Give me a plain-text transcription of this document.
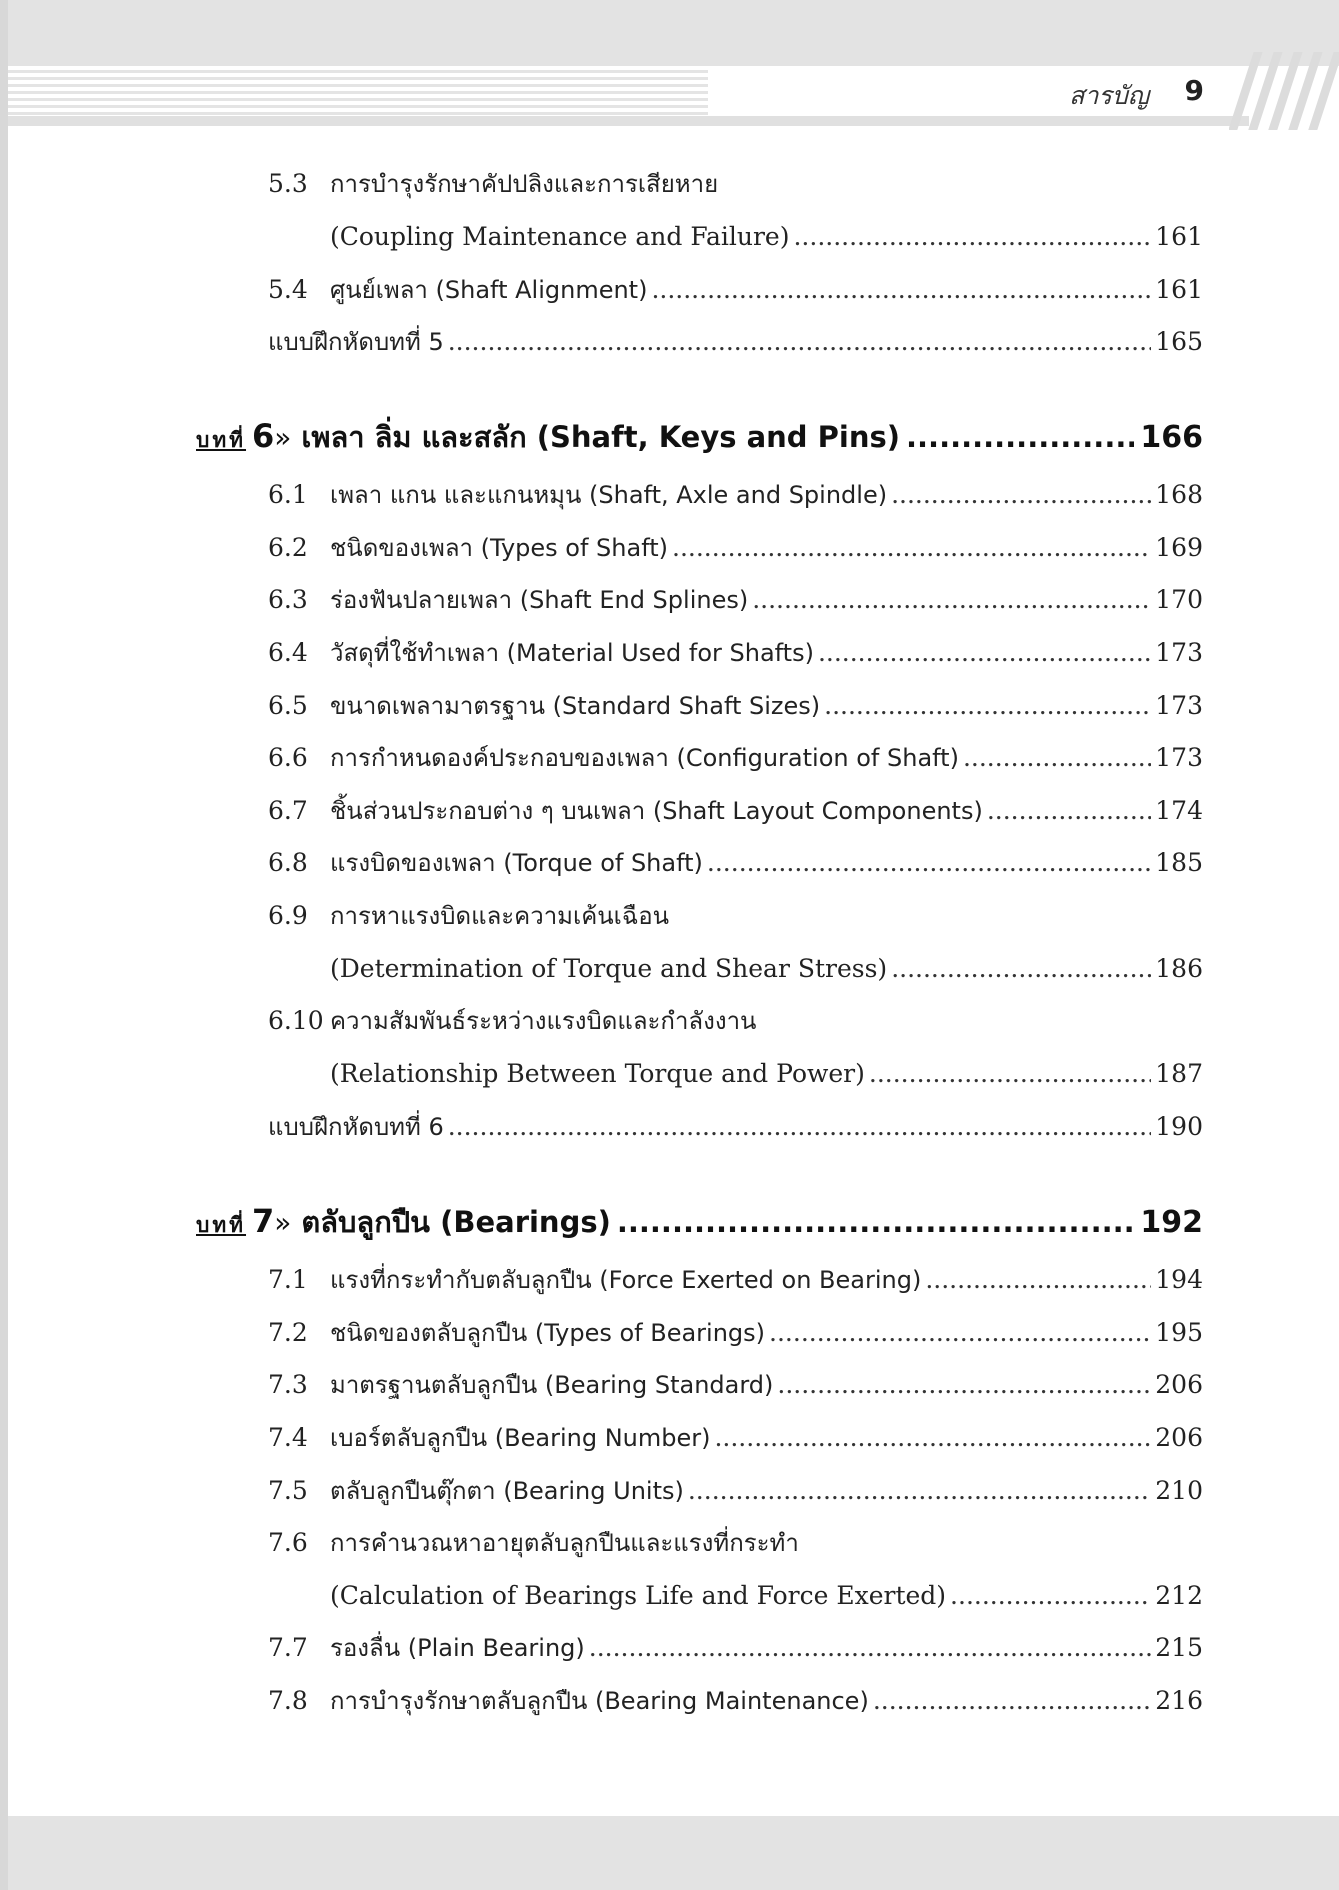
สารบัญ 9
5.3 การบำรุงรักษาคัปปลิงและการเสียหาย
(Coupling Maintenance and Failure) .....	161
5.4 ศูนย์เพลา (Shaft Alignment) .....	161
แบบฝึกหัดบทที่ 5 .....	165
บทที่ 6 » เพลา ลิ่ม และสลัก (Shaft, Keys and Pins) .....	166
6.1 เพลา แกน และแกนหมุน (Shaft, Axle and Spindle) .....	168
6.2 ชนิดของเพลา (Types of Shaft) .....	169
6.3 ร่องฟันปลายเพลา (Shaft End Splines) .....	170
6.4 วัสดุที่ใช้ทำเพลา (Material Used for Shafts) .....	173
6.5 ขนาดเพลามาตรฐาน (Standard Shaft Sizes) .....	173
6.6 การกำหนดองค์ประกอบของเพลา (Configuration of Shaft) .....	173
6.7 ชิ้นส่วนประกอบต่าง ๆ บนเพลา (Shaft Layout Components) .....	174
6.8 แรงบิดของเพลา (Torque of Shaft) .....	185
6.9 การหาแรงบิดและความเค้นเฉือน
(Determination of Torque and Shear Stress) .....	186
6.10 ความสัมพันธ์ระหว่างแรงบิดและกำลังงาน
(Relationship Between Torque and Power) .....	187
แบบฝึกหัดบทที่ 6 .....	190
บทที่ 7 » ตลับลูกปืน (Bearings) .....	192
7.1 แรงที่กระทำกับตลับลูกปืน (Force Exerted on Bearing) .....	194
7.2 ชนิดของตลับลูกปืน (Types of Bearings) .....	195
7.3 มาตรฐานตลับลูกปืน (Bearing Standard) .....	206
7.4 เบอร์ตลับลูกปืน (Bearing Number) .....	206
7.5 ตลับลูกปืนตุ๊กตา (Bearing Units) .....	210
7.6 การคำนวณหาอายุตลับลูกปืนและแรงที่กระทำ
(Calculation of Bearings Life and Force Exerted) .....	212
7.7 รองลื่น (Plain Bearing) .....	215
7.8 การบำรุงรักษาตลับลูกปืน (Bearing Maintenance) .....	216
